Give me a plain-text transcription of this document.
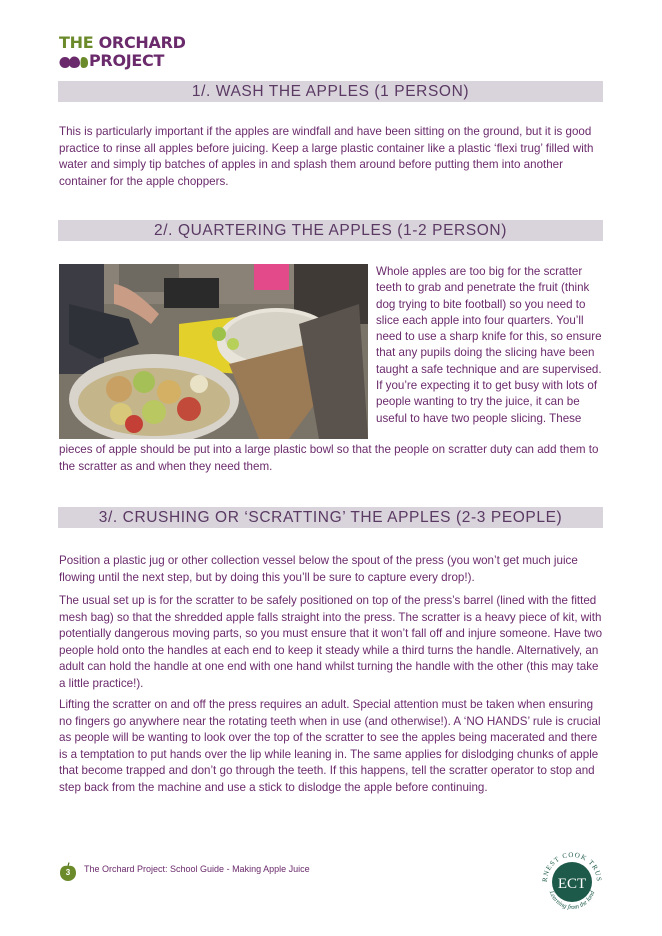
THE ORCHARD
PROJECT
1/. WASH THE APPLES (1 PERSON)

This is particularly important if the apples are windfall and have been sitting on the ground, but it is good practice to rinse all apples before juicing. Keep a large plastic container like a plastic ‘flexi trug’ filled with water and simply tip batches of apples in and splash them around before putting them into another container for the apple choppers.

2/. QUARTERING THE APPLES (1-2 PERSON)

Whole apples are too big for the scratter teeth to grab and penetrate the fruit (think dog trying to bite football) so you need to slice each apple into four quarters. You’ll need to use a sharp knife for this, so ensure that any pupils doing the slicing have been taught a safe technique and are supervised. If you’re expecting it to get busy with lots of people wanting to try the juice, it can be useful to have two people slicing. These

pieces of apple should be put into a large plastic bowl so that the people on scratter duty can add them to the scratter as and when they need them.

3/. CRUSHING OR ‘SCRATTING’ THE APPLES (2-3 PEOPLE)

Position a plastic jug or other collection vessel below the spout of the press (you won’t get much juice flowing until the next step, but by doing this you’ll be sure to capture every drop!).

The usual set up is for the scratter to be safely positioned on top of the press’s barrel (lined with the fitted mesh bag) so that the shredded apple falls straight into the press. The scratter is a heavy piece of kit, with potentially dangerous moving parts, so you must ensure that it won’t fall off and injure someone. Have two people hold onto the handles at each end to keep it steady while a third turns the handle. Alternatively, an adult can hold the handle at one end with one hand whilst turning the handle with the other (this may take a little practice!).

Lifting the scratter on and off the press requires an adult. Special attention must be taken when ensuring no fingers go anywhere near the rotating teeth when in use (and otherwise!). A ‘NO HANDS’ rule is crucial as people will be wanting to look over the top of the scratter to see the apples being macerated and there is a temptation to put hands over the lip while leaning in. The same applies for dislodging chunks of apple that become trapped and don’t go through the teeth. If this happens, tell the scratter operator to stop and step back from the machine and use a stick to dislodge the apple before continuing.

3	The Orchard Project: School Guide - Making Apple Juice
RNEST COOK TRUS
ECT
Learning from the land
